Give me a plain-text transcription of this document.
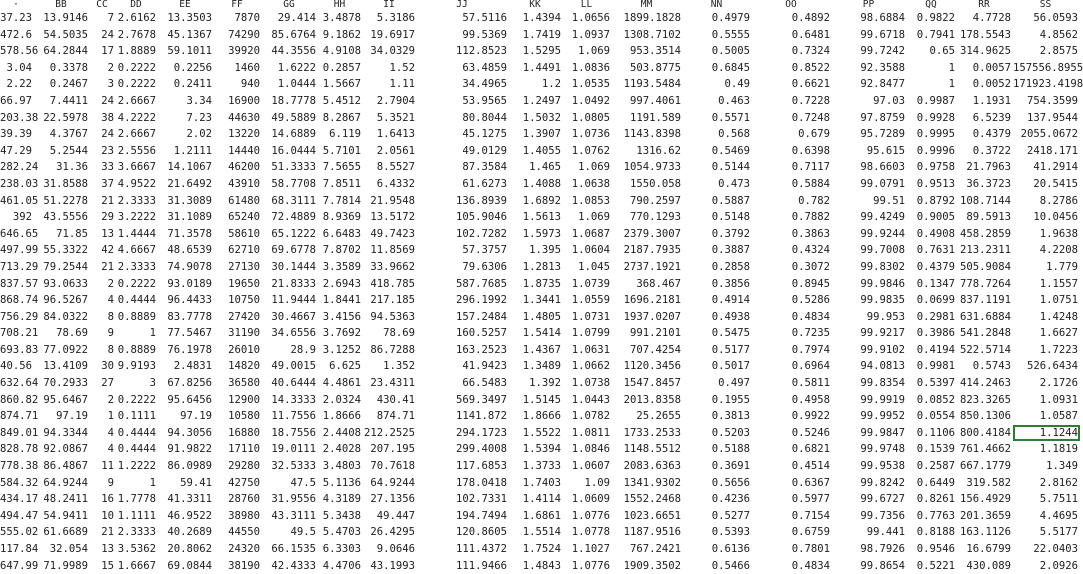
·	BB	CC	DD	EE	FF	GG	HH	II	JJ	KK	LL	MM	NN	OO	PP	QQ	RR	SS
37.23	13.9146	7	2.6162	13.3503	7870	29.414	3.4878	5.3186	57.5116	1.4394	1.0656	1899.1828	0.4979	0.4892	98.6884	0.9822	4.7728	56.0593
472.6	54.5035	24	2.7678	45.1367	74290	85.6764	9.1862	19.6917	99.5369	1.7419	1.0937	1308.7102	0.5555	0.6481	99.6718	0.7941	178.5543	4.8562
578.56	64.2844	17	1.8889	59.1011	39920	44.3556	4.9108	34.0329	112.8523	1.5295	1.069	953.3514	0.5005	0.7324	99.7242	0.65	314.9625	2.8575
3.04	0.3378	2	0.2222	0.2256	1460	1.6222	0.2857	1.52	63.4859	1.4491	1.0836	503.8775	0.6845	0.8522	92.3588	1	0.0057	157556.8955
2.22	0.2467	3	0.2222	0.2411	940	1.0444	1.5667	1.11	34.4965	1.2	1.0535	1193.5484	0.49	0.6621	92.8477	1	0.0052	171923.4198
66.97	7.4411	24	2.6667	3.34	16900	18.7778	5.4512	2.7904	53.9565	1.2497	1.0492	997.4061	0.463	0.7228	97.03	0.9987	1.1931	754.3599
203.38	22.5978	38	4.2222	7.23	44630	49.5889	8.2867	5.3521	80.8044	1.5032	1.0805	1191.589	0.5571	0.7248	97.8759	0.9928	6.5239	137.9544
39.39	4.3767	24	2.6667	2.02	13220	14.6889	6.119	1.6413	45.1275	1.3907	1.0736	1143.8398	0.568	0.679	95.7289	0.9995	0.4379	2055.0672
47.29	5.2544	23	2.5556	1.2111	14440	16.0444	5.7101	2.0561	49.0129	1.4055	1.0762	1316.62	0.5469	0.6398	95.615	0.9996	0.3722	2418.171
282.24	31.36	33	3.6667	14.1067	46200	51.3333	7.5655	8.5527	87.3584	1.465	1.069	1054.9733	0.5144	0.7117	98.6603	0.9758	21.7963	41.2914
238.03	31.8588	37	4.9522	21.6492	43910	58.7708	7.8511	6.4332	61.6273	1.4088	1.0638	1550.058	0.473	0.5884	99.0791	0.9513	36.3723	20.5415
461.05	51.2278	21	2.3333	31.3089	61480	68.3111	7.7814	21.9548	136.8939	1.6892	1.0853	790.2597	0.5887	0.782	99.51	0.8792	108.7144	8.2786
392	43.5556	29	3.2222	31.1089	65240	72.4889	8.9369	13.5172	105.9046	1.5613	1.069	770.1293	0.5148	0.7882	99.4249	0.9005	89.5913	10.0456
646.65	71.85	13	1.4444	71.3578	58610	65.1222	6.6483	49.7423	102.7282	1.5973	1.0687	2379.3007	0.3792	0.3863	99.9244	0.4908	458.2859	1.9638
497.99	55.3322	42	4.6667	48.6539	62710	69.6778	7.8702	11.8569	57.3757	1.395	1.0604	2187.7935	0.3887	0.4324	99.7008	0.7631	213.2311	4.2208
713.29	79.2544	21	2.3333	74.9078	27130	30.1444	3.3589	33.9662	79.6306	1.2813	1.045	2737.1921	0.2858	0.3072	99.8302	0.4379	505.9084	1.779
837.57	93.0633	2	0.2222	93.0189	19650	21.8333	2.6943	418.785	587.7685	1.8735	1.0739	368.467	0.3856	0.8945	99.9846	0.1347	778.7264	1.1557
868.74	96.5267	4	0.4444	96.4433	10750	11.9444	1.8441	217.185	296.1992	1.3441	1.0559	1696.2181	0.4914	0.5286	99.9835	0.0699	837.1191	1.0751
756.29	84.0322	8	0.8889	83.7778	27420	30.4667	3.4156	94.5363	157.2484	1.4805	1.0731	1937.0207	0.4938	0.4834	99.953	0.2981	631.6884	1.4248
708.21	78.69	9	1	77.5467	31190	34.6556	3.7692	78.69	160.5257	1.5414	1.0799	991.2101	0.5475	0.7235	99.9217	0.3986	541.2848	1.6627
693.83	77.0922	8	0.8889	76.1978	26010	28.9	3.1252	86.7288	163.2523	1.4367	1.0631	707.4254	0.5177	0.7974	99.9102	0.4194	522.5714	1.7223
40.56	13.4109	30	9.9193	2.4831	14820	49.0015	6.625	1.352	41.9423	1.3489	1.0662	1120.3456	0.5017	0.6964	94.0813	0.9981	0.5743	526.6434
632.64	70.2933	27	3	67.8256	36580	40.6444	4.4861	23.4311	66.5483	1.392	1.0738	1547.8457	0.497	0.5811	99.8354	0.5397	414.2463	2.1726
860.82	95.6467	2	0.2222	95.6456	12900	14.3333	2.0324	430.41	569.3497	1.5145	1.0443	2013.8358	0.1955	0.4958	99.9919	0.0852	823.3265	1.0931
874.71	97.19	1	0.1111	97.19	10580	11.7556	1.8666	874.71	1141.872	1.8666	1.0782	25.2655	0.3813	0.9922	99.9952	0.0554	850.1306	1.0587
849.01	94.3344	4	0.4444	94.3056	16880	18.7556	2.4408	212.2525	294.1723	1.5522	1.0811	1733.2533	0.5203	0.5246	99.9847	0.1106	800.4184	1.1244
828.78	92.0867	4	0.4444	91.9822	17110	19.0111	2.4028	207.195	299.4008	1.5394	1.0846	1148.5512	0.5188	0.6821	99.9748	0.1539	761.4662	1.1819
778.38	86.4867	11	1.2222	86.0989	29280	32.5333	3.4803	70.7618	117.6853	1.3733	1.0607	2083.6363	0.3691	0.4514	99.9538	0.2587	667.1779	1.349
584.32	64.9244	9	1	59.41	42750	47.5	5.1136	64.9244	178.0418	1.7403	1.09	1341.9302	0.5656	0.6367	99.8242	0.6449	319.582	2.8162
434.17	48.2411	16	1.7778	41.3311	28760	31.9556	4.3189	27.1356	102.7331	1.4114	1.0609	1552.2468	0.4236	0.5977	99.6727	0.8261	156.4929	5.7511
494.47	54.9411	10	1.1111	46.9522	38980	43.3111	5.3438	49.447	194.7494	1.6861	1.0776	1023.6651	0.5277	0.7154	99.7356	0.7763	201.3659	4.4695
555.02	61.6689	21	2.3333	40.2689	44550	49.5	5.4703	26.4295	120.8605	1.5514	1.0778	1187.9516	0.5393	0.6759	99.441	0.8188	163.1126	5.5177
117.84	32.054	13	3.5362	20.8062	24320	66.1535	6.3303	9.0646	111.4372	1.7524	1.1027	767.2421	0.6136	0.7801	98.7926	0.9546	16.6799	22.0403
647.99	71.9989	15	1.6667	69.0844	38190	42.4333	4.4706	43.1993	111.9466	1.4843	1.0776	1909.3502	0.5466	0.4834	99.8654	0.5221	430.089	2.0926
